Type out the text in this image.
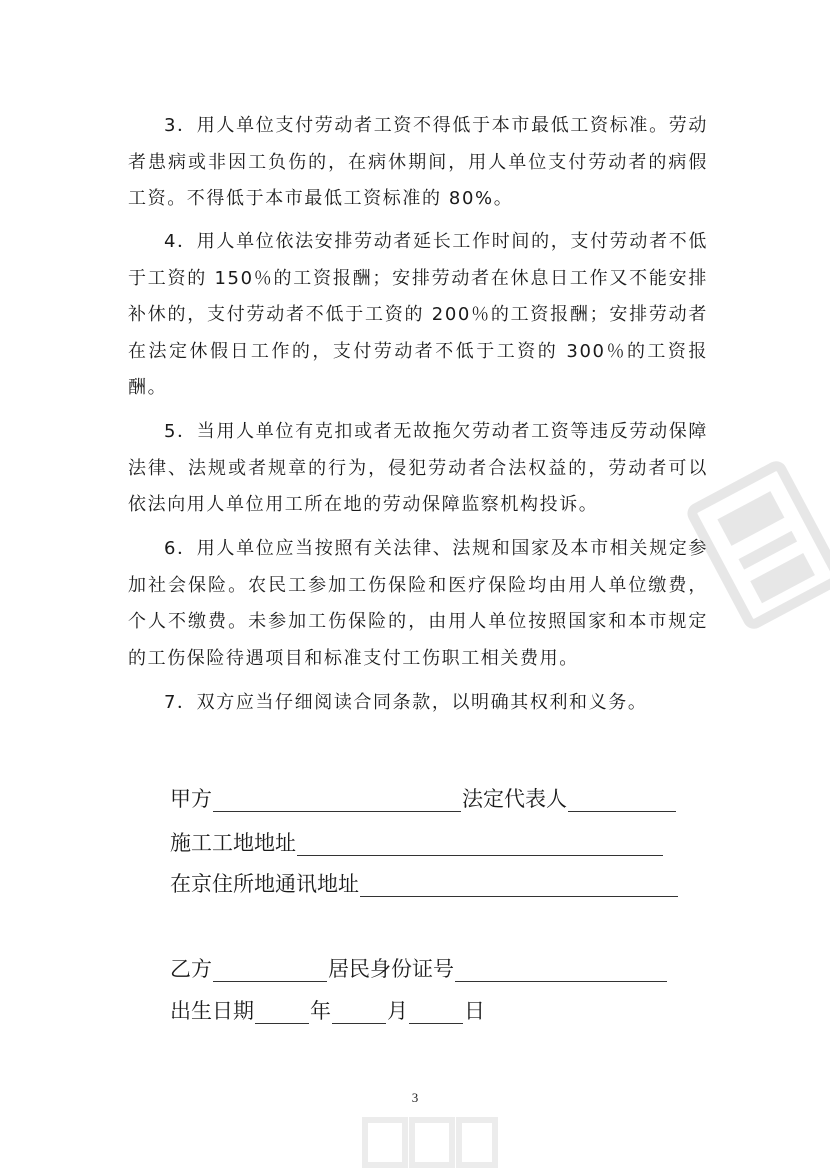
3．用人单位支付劳动者工资不得低于本市最低工资标准。劳动者患病或非因工负伤的，在病休期间，用人单位支付劳动者的病假工资。不得低于本市最低工资标准的 80%。

4．用人单位依法安排劳动者延长工作时间的，支付劳动者不低于工资的 150％的工资报酬；安排劳动者在休息日工作又不能安排补休的，支付劳动者不低于工资的 200％的工资报酬；安排劳动者在法定休假日工作的，支付劳动者不低于工资的 300％的工资报酬。

5．当用人单位有克扣或者无故拖欠劳动者工资等违反劳动保障法律、法规或者规章的行为，侵犯劳动者合法权益的，劳动者可以依法向用人单位用工所在地的劳动保障监察机构投诉。

6．用人单位应当按照有关法律、法规和国家及本市相关规定参加社会保险。农民工参加工伤保险和医疗保险均由用人单位缴费，个人不缴费。未参加工伤保险的，由用人单位按照国家和本市规定的工伤保险待遇项目和标准支付工伤职工相关费用。

7．双方应当仔细阅读合同条款，以明确其权利和义务。

甲方	法定代表人
施工工地地址
在京住所地通讯地址
乙方	居民身份证号
出生日期	年	月	日
3
